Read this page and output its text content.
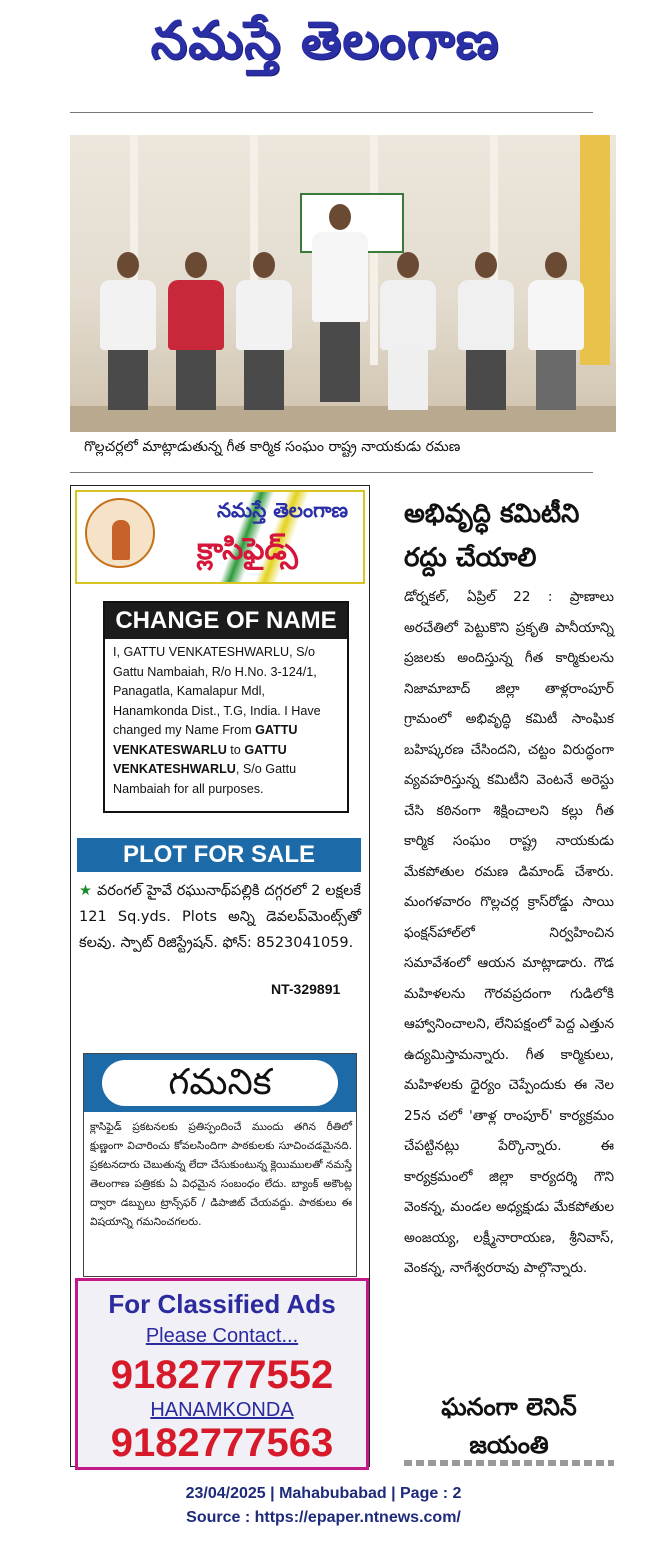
నమస్తే తెలంగాణ
గొల్లచర్లలో మాట్లాడుతున్న గీత కార్మిక సంఘం రాష్ట్ర నాయకుడు రమణ
నమస్తే తెలంగాణ
క్లాసిఫైడ్స్
CHANGE OF NAME
I, GATTU VENKATESHWARLU, S/o Gattu Nambaiah, R/o H.No. 3-124/1, Panagatla, Kamalapur Mdl, Hanamkonda Dist., T.G, India. I Have changed my Name From GATTU VENKATESWARLU to GATTU VENKATESHWARLU, S/o Gattu Nambaiah for all purposes.
PLOT FOR SALE
★ వరంగల్ హైవే రఘునాథ్‌పల్లికి దగ్గరలో 2 లక్షలకే 121 Sq.yds. Plots అన్ని డెవలప్‌మెంట్స్‌తో కలవు. స్పాట్ రిజిస్ట్రేషన్. ఫోన్: 8523041059.
NT-329891
గమనిక
క్లాసిఫైడ్ ప్రకటనలకు ప్రతిస్పందించే ముందు తగిన రీతిలో క్షుణ్ణంగా విచారించు కోవలసిందిగా పాఠకులకు సూచించడమైనది. ప్రకటనదారు చెబుతున్న లేదా చేసుకుంటున్న క్లెయిములతో నమస్తే తెలంగాణ పత్రికకు ఏ విధమైన సంబంధం లేదు. బ్యాంక్ అకౌంట్ల ద్వారా డబ్బులు ట్రాన్స్‌ఫర్ / డిపాజిట్ చేయవద్దు. పాఠకులు ఈ విషయాన్ని గమనించగలరు.
For Classified Ads
Please Contact...
9182777552
HANAMKONDA
9182777563
అభివృద్ధి కమిటీని రద్దు చేయాలి
డోర్నకల్, ఏప్రిల్ 22 : ప్రాణాలు అరచేతిలో పెట్టుకొని ప్రకృతి పానీయాన్ని ప్రజలకు అందిస్తున్న గీత కార్మికులను నిజామాబాద్ జిల్లా తాళ్లరాంపూర్ గ్రామంలో అభివృద్ధి కమిటీ సాంఘిక బహిష్కరణ చేసిందని, చట్టం విరుద్ధంగా వ్యవహరిస్తున్న కమిటీని వెంటనే అరెస్టు చేసి కఠినంగా శిక్షించాలని కల్లు గీత కార్మిక సంఘం రాష్ట్ర నాయకుడు మేకపోతుల రమణ డిమాండ్ చేశారు. మంగళవారం గొల్లచర్ల క్రాస్‌రోడ్డు సాయి ఫంక్షన్‌హాల్‌లో నిర్వహించిన సమావేశంలో ఆయన మాట్లాడారు. గౌడ మహిళలను గౌరవప్రదంగా గుడిలోకి ఆహ్వానించాలని, లేనిపక్షంలో పెద్ద ఎత్తున ఉద్యమిస్తామన్నారు. గీత కార్మికులు, మహిళలకు ధైర్యం చెప్పేందుకు ఈ నెల 25న చలో 'తాళ్ల రాంపూర్' కార్యక్రమం చేపట్టినట్లు పేర్కొన్నారు. ఈ కార్యక్రమంలో జిల్లా కార్యదర్శి గౌని వెంకన్న, మండల అధ్యక్షుడు మేకపోతుల అంజయ్య, లక్ష్మీనారాయణ, శ్రీనివాస్, వెంకన్న, నాగేశ్వరరావు పాల్గొన్నారు.
ఘనంగా లెనిన్ జయంతి
23/04/2025 | Mahabubabad | Page : 2
Source : https://epaper.ntnews.com/
